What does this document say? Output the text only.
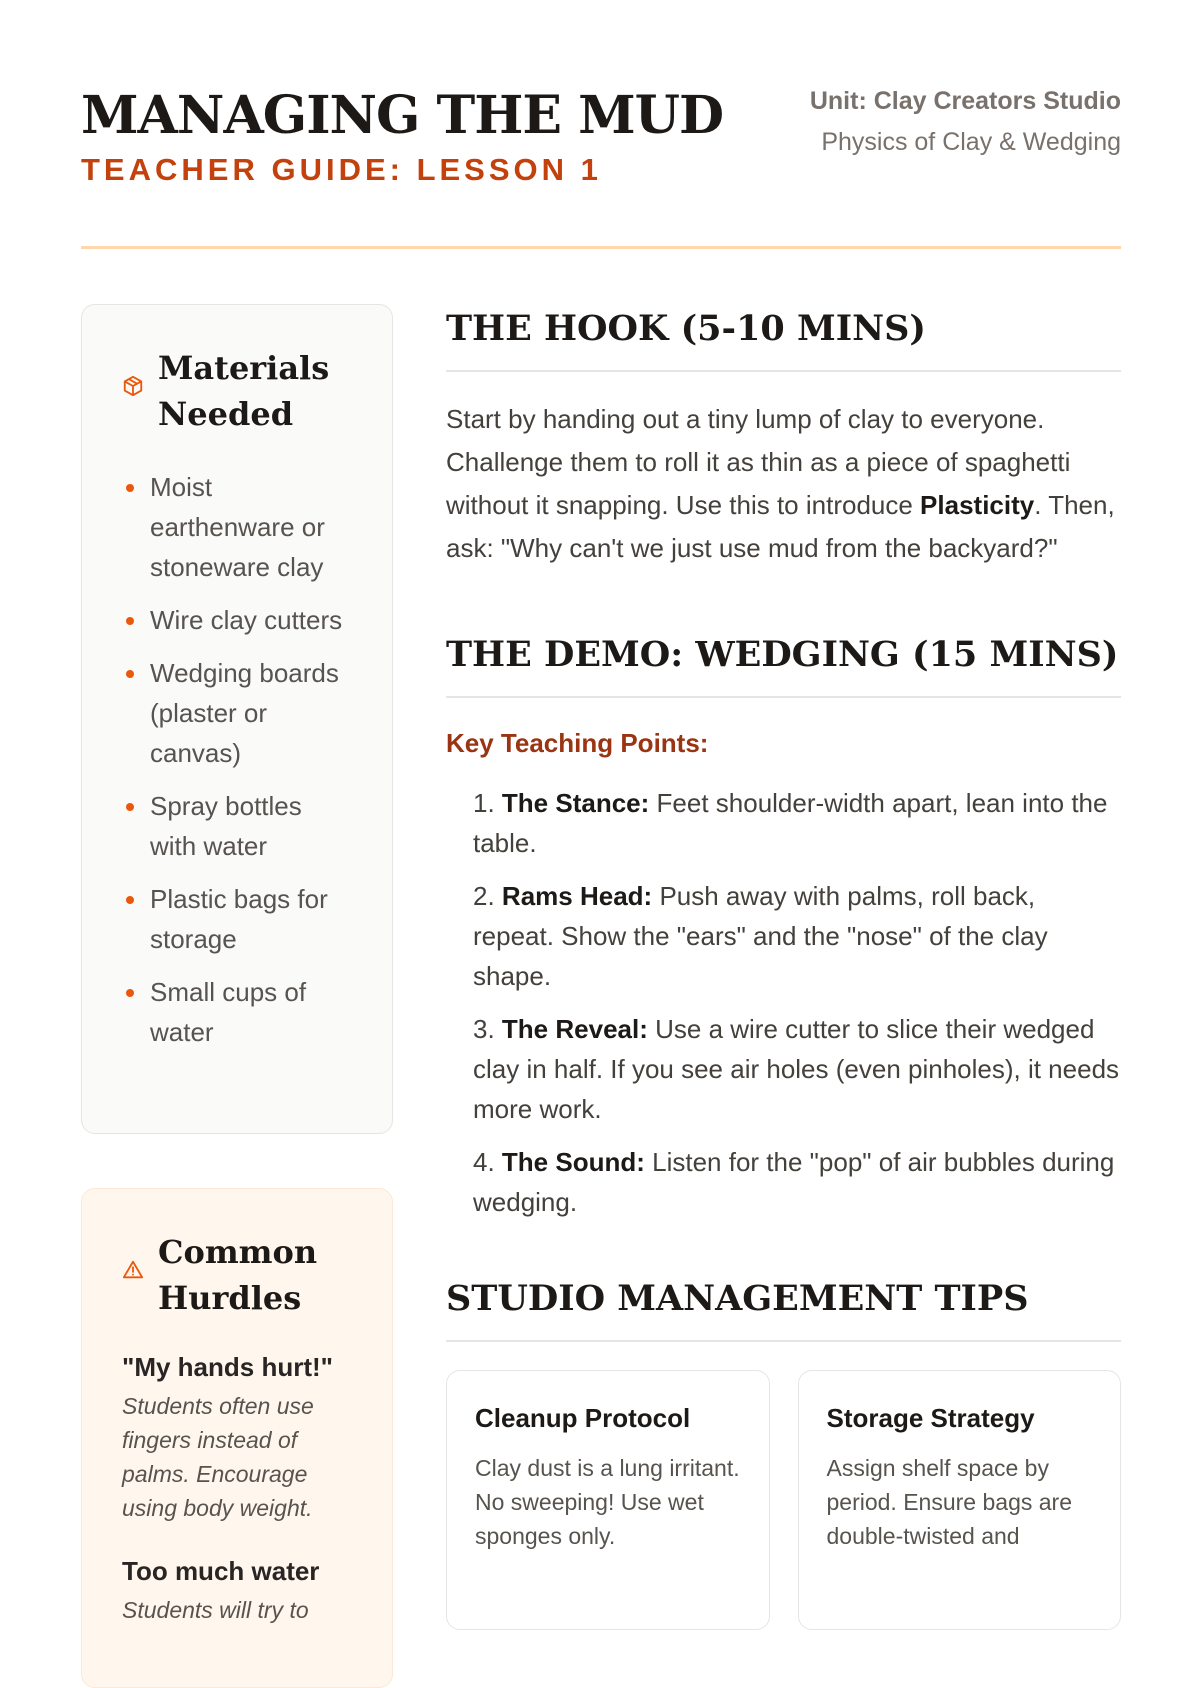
MANAGING THE MUD
TEACHER GUIDE: LESSON 1
Unit: Clay Creators Studio
Physics of Clay & Wedging
Materials Needed
Moist earthenware or stoneware clay
Wire clay cutters
Wedging boards (plaster or canvas)
Spray bottles with water
Plastic bags for storage
Small cups of water
Common Hurdles
"My hands hurt!"
Students often use fingers instead of palms. Encourage using body weight.
Too much water
Students will try to
THE HOOK (5-10 MINS)

Start by handing out a tiny lump of clay to everyone. Challenge them to roll it as thin as a piece of spaghetti without it snapping. Use this to introduce Plasticity. Then, ask: "Why can't we just use mud from the backyard?"

THE DEMO: WEDGING (15 MINS)
Key Teaching Points:
1. The Stance: Feet shoulder-width apart, lean into the table.
2. Rams Head: Push away with palms, roll back, repeat. Show the "ears" and the "nose" of the clay shape.
3. The Reveal: Use a wire cutter to slice their wedged clay in half. If you see air holes (even pinholes), it needs more work.
4. The Sound: Listen for the "pop" of air bubbles during wedging.
STUDIO MANAGEMENT TIPS
Cleanup Protocol
Clay dust is a lung irritant. No sweeping! Use wet sponges only.
Storage Strategy
Assign shelf space by period. Ensure bags are double-twisted and
